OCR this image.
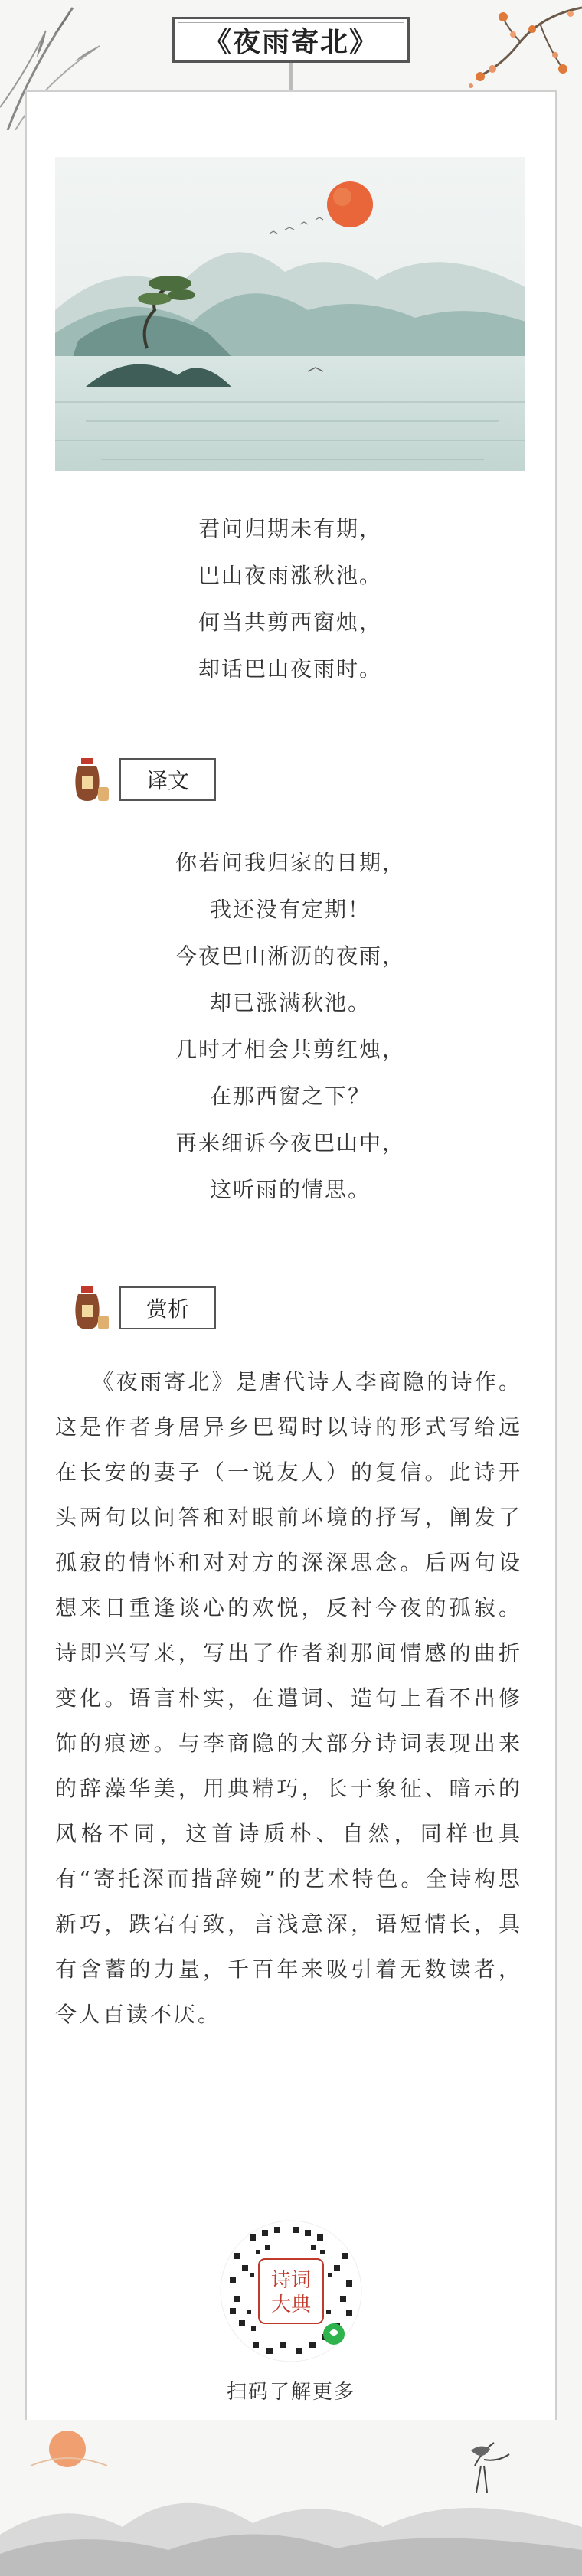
《夜雨寄北》
君问归期未有期，
巴山夜雨涨秋池。
何当共剪西窗烛，
却话巴山夜雨时。
译文
你若问我归家的日期，
我还没有定期！
今夜巴山淅沥的夜雨，
却已涨满秋池。
几时才相会共剪红烛，
在那西窗之下？
再来细诉今夜巴山中，
这听雨的情思。
赏析
　　《夜雨寄北》是唐代诗人李商隐的诗作。这是作者身居异乡巴蜀时以诗的形式写给远在长安的妻子（一说友人）的复信。此诗开头两句以问答和对眼前环境的抒写，阐发了孤寂的情怀和对对方的深深思念。后两句设想来日重逢谈心的欢悦，反衬今夜的孤寂。诗即兴写来，写出了作者刹那间情感的曲折变化。语言朴实，在遣词、造句上看不出修饰的痕迹。与李商隐的大部分诗词表现出来的辞藻华美，用典精巧，长于象征、暗示的风格不同，这首诗质朴、自然，同样也具有“寄托深而措辞婉”的艺术特色。全诗构思新巧，跌宕有致，言浅意深，语短情长，具有含蓄的力量，千百年来吸引着无数读者，令人百读不厌。
诗词
大典
扫码了解更多
